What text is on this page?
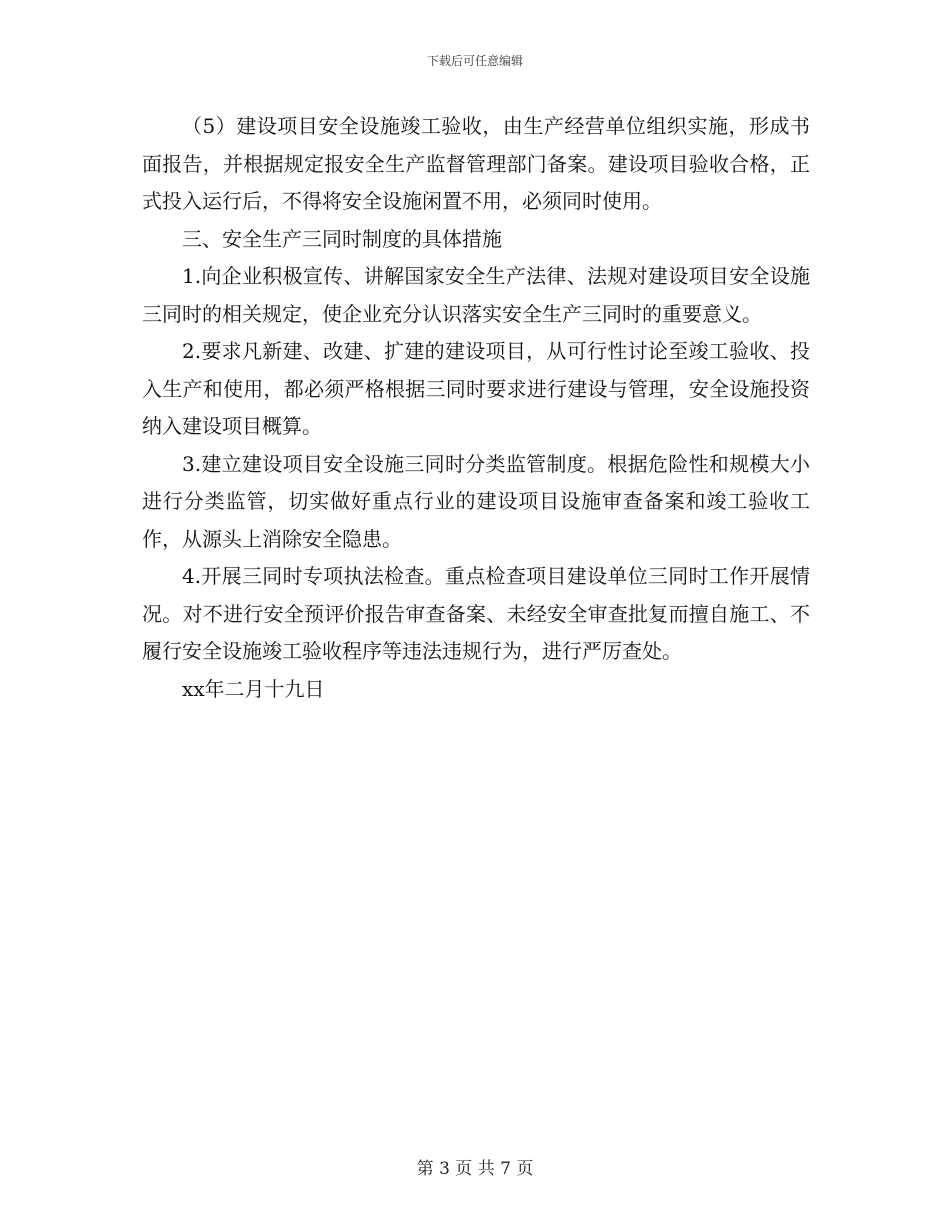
下载后可任意编辑

（5）建设项目安全设施竣工验收，由生产经营单位组织实施，形成书面报告，并根据规定报安全生产监督管理部门备案。建设项目验收合格，正式投入运行后，不得将安全设施闲置不用，必须同时使用。

三、安全生产三同时制度的具体措施

1.向企业积极宣传、讲解国家安全生产法律、法规对建设项目安全设施三同时的相关规定，使企业充分认识落实安全生产三同时的重要意义。

2.要求凡新建、改建、扩建的建设项目，从可行性讨论至竣工验收、投入生产和使用，都必须严格根据三同时要求进行建设与管理，安全设施投资纳入建设项目概算。

3.建立建设项目安全设施三同时分类监管制度。根据危险性和规模大小进行分类监管，切实做好重点行业的建设项目设施审查备案和竣工验收工作，从源头上消除安全隐患。

4.开展三同时专项执法检查。重点检查项目建设单位三同时工作开展情况。对不进行安全预评价报告审查备案、未经安全审查批复而擅自施工、不履行安全设施竣工验收程序等违法违规行为，进行严厉查处。

xx年二月十九日

第 3 页 共 7 页
